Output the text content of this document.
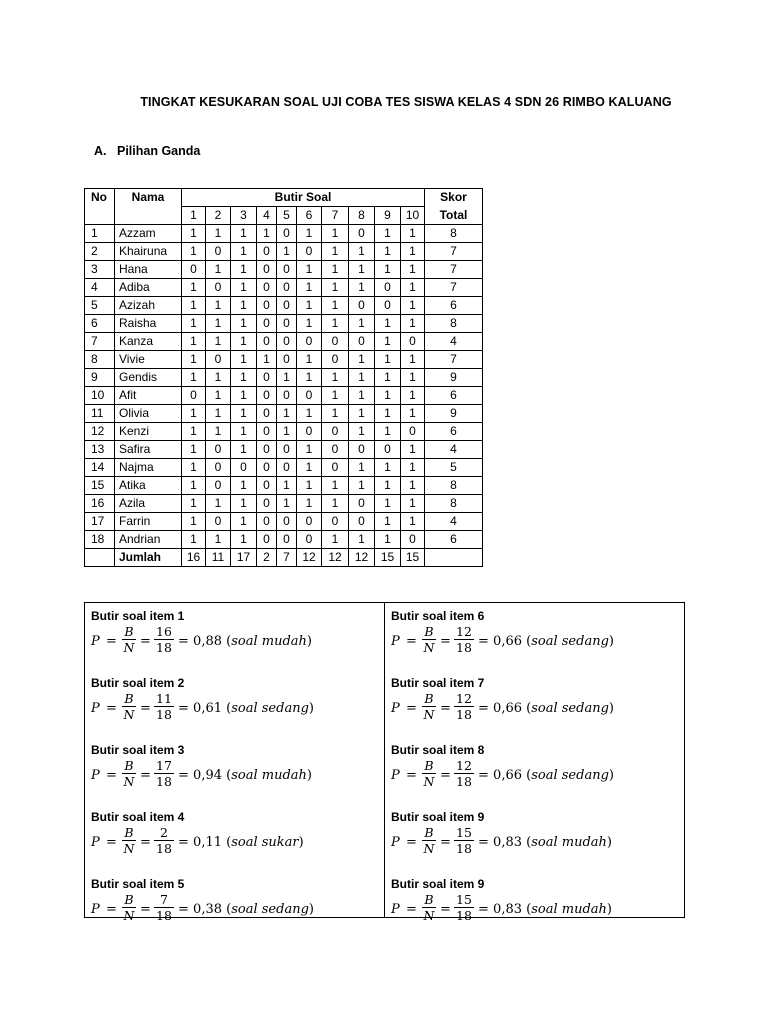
TINGKAT KESUKARAN SOAL UJI COBA TES SISWA KELAS 4 SDN 26 RIMBO KALUANG
A. Pilihan Ganda
No	Nama	Butir Soal										Skor
		1	2	3	4	5	6	7	8	9	10	Total
1	Azzam	1	1	1	1	0	1	1	0	1	1	8
2	Khairuna	1	0	1	0	1	0	1	1	1	1	7
3	Hana	0	1	1	0	0	1	1	1	1	1	7
4	Adiba	1	0	1	0	0	1	1	1	0	1	7
5	Azizah	1	1	1	0	0	1	1	0	0	1	6
6	Raisha	1	1	1	0	0	1	1	1	1	1	8
7	Kanza	1	1	1	0	0	0	0	0	1	0	4
8	Vivie	1	0	1	1	0	1	0	1	1	1	7
9	Gendis	1	1	1	0	1	1	1	1	1	1	9
10	Afit	0	1	1	0	0	0	1	1	1	1	6
11	Olivia	1	1	1	0	1	1	1	1	1	1	9
12	Kenzi	1	1	1	0	1	0	0	1	1	0	6
13	Safira	1	0	1	0	0	1	0	0	0	1	4
14	Najma	1	0	0	0	0	1	0	1	1	1	5
15	Atika	1	0	1	0	1	1	1	1	1	1	8
16	Azila	1	1	1	0	1	1	1	0	1	1	8
17	Farrin	1	0	1	0	0	0	0	0	1	1	4
18	Andrian	1	1	1	0	0	0	1	1	1	0	6
	Jumlah	16	11	17	2	7	12	12	12	15	15	
Butir soal item 1
P =
B
N =
16
18 = 0,88 (soal mudah)
Butir soal item 2
P =
B
N =
11
18 = 0,61 (soal sedang)
Butir soal item 3
P =
B
N =
17
18 = 0,94 (soal mudah)
Butir soal item 4
P =
B
N =
2
18 = 0,11 (soal sukar)
Butir soal item 5
P =
B
N =
7
18 = 0,38 (soal sedang)
Butir soal item 6
P =
B
N =
12
18 = 0,66 (soal sedang)
Butir soal item 7
P =
B
N =
12
18 = 0,66 (soal sedang)
Butir soal item 8
P =
B
N =
12
18 = 0,66 (soal sedang)
Butir soal item 9
P =
B
N =
15
18 = 0,83 (soal mudah)
Butir soal item 9
P =
B
N =
15
18 = 0,83 (soal mudah)
